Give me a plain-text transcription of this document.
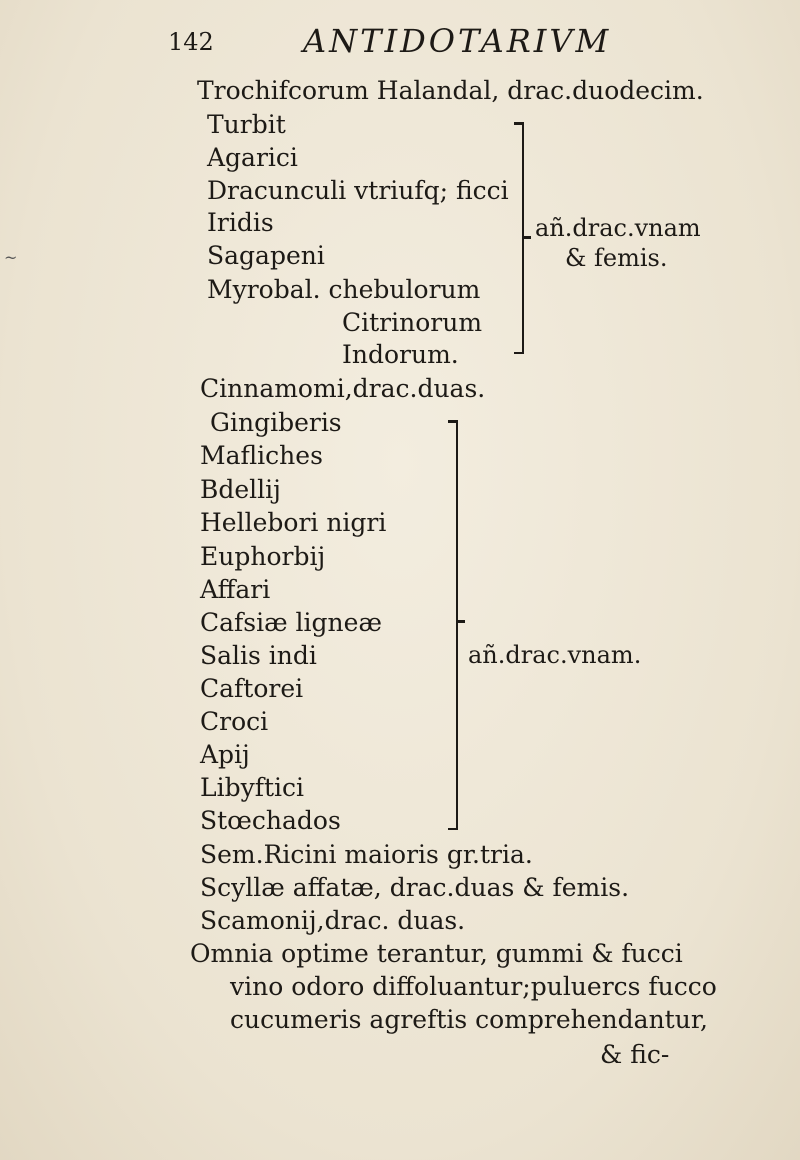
142	ANTIDOTARIVM
~
Trochifcorum Halandal, drac.duodecim.
Turbit
Agarici
Dracunculi vtriufq; ficci
Iridis
Sagapeni
Myrobal. chebulorum
Citrinorum
Indorum.
añ.drac.vnam
& femis.
Cinnamomi,drac.duas.
Gingiberis
Mafliches
Bdellij
Hellebori nigri
Euphorbij
Affari
Cafsiæ ligneæ
Salis indi
Caftorei
Croci
Apij
Libyftici
Stœchados
añ.drac.vnam.
Sem.Ricini maioris gr.tria.
Scyllæ affatæ, drac.duas & femis.
Scamonij,drac. duas.
Omnia optime terantur, gummi & fucci
vino odoro diffoluantur;puluercs fucco
cucumeris agreftis comprehendantur,
& fic-
